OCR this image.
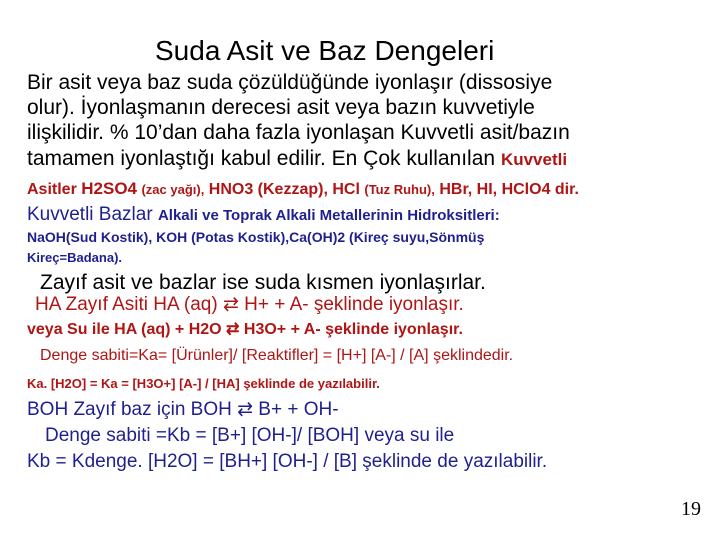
Suda Asit ve Baz Dengeleri
Bir asit veya baz suda çözüldüğünde iyonlaşır (dissosiye
olur). İyonlaşmanın derecesi asit veya bazın kuvvetiyle
ilişkilidir. % 10’dan daha fazla iyonlaşan Kuvvetli asit/bazın
tamamen iyonlaştığı kabul edilir. En Çok kullanılan Kuvvetli
Asitler H2SO4 (zac yağı), HNO3 (Kezzap), HCl (Tuz Ruhu), HBr, HI, HClO4 dir.
Kuvvetli Bazlar Alkali ve Toprak Alkali Metallerinin Hidroksitleri:
NaOH(Sud Kostik), KOH (Potas Kostik),Ca(OH)2 (Kireç suyu,Sönmüş
Kireç=Badana).
Zayıf asit ve bazlar ise suda kısmen iyonlaşırlar.
HA Zayıf Asiti HA (aq) ⇄ H+ + A- şeklinde iyonlaşır.
veya Su ile HA (aq) + H2O ⇄ H3O+ + A- şeklinde iyonlaşır.
Denge sabiti=Ka= [Ürünler]/ [Reaktifler] = [H+] [A-] / [A] şeklindedir.
Ka. [H2O] = Ka = [H3O+] [A-] / [HA] şeklinde de yazılabilir.
BOH Zayıf baz için BOH ⇄ B+ + OH-
Denge sabiti =Kb = [B+] [OH-]/ [BOH] veya su ile
Kb = Kdenge. [H2O] = [BH+] [OH-] / [B] şeklinde de yazılabilir.
19
